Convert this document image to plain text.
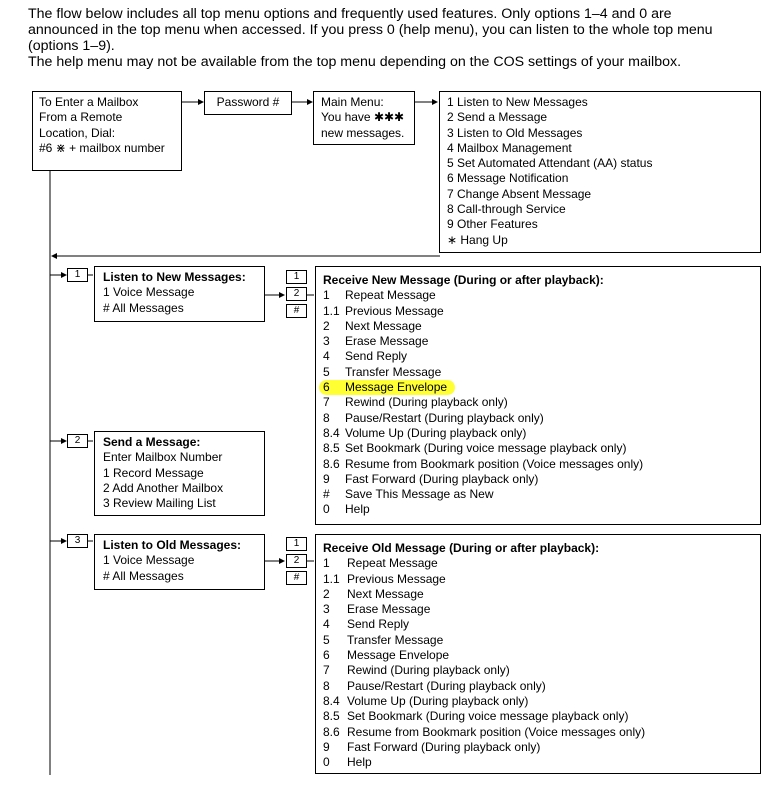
The flow below includes all top menu options and frequently used features. Only options 1–4 and 0 are

announced in the top menu when accessed. If you press 0 (help menu), you can listen to the whole top menu

(options 1–9).

The help menu may not be available from the top menu depending on the COS settings of your mailbox.

To Enter a Mailbox
From a Remote
Location, Dial:
#6 ⋇ + mailbox number
Password #	Main Menu:
You have ✱✱✱
new messages.
1 Listen to New Messages
2 Send a Message
3 Listen to Old Messages
4 Mailbox Management
5 Set Automated Attendant (AA) status
6 Message Notification
7 Change Absent Message
8 Call-through Service
9 Other Features
∗ Hang Up
1
2
3
Listen to New Messages:
1 Voice Message
# All Messages
1
2
#
Receive New Message (During or after playback):
1 Repeat Message
1.1 Previous Message
2 Next Message
3 Erase Message
4 Send Reply
5 Transfer Message
6 Message Envelope
7 Rewind (During playback only)
8 Pause/Restart (During playback only)
8.4 Volume Up (During playback only)
8.5 Set Bookmark (During voice message playback only)
8.6 Resume from Bookmark position (Voice messages only)
9 Fast Forward (During playback only)
# Save This Message as New
0 Help
Send a Message:
Enter Mailbox Number
1 Record Message
2 Add Another Mailbox
3 Review Mailing List
Listen to Old Messages:
1 Voice Message
# All Messages
1
2
#
Receive Old Message (During or after playback):
1 Repeat Message
1.1 Previous Message
2 Next Message
3 Erase Message
4 Send Reply
5 Transfer Message
6 Message Envelope
7 Rewind (During playback only)
8 Pause/Restart (During playback only)
8.4 Volume Up (During playback only)
8.5 Set Bookmark (During voice message playback only)
8.6 Resume from Bookmark position (Voice messages only)
9 Fast Forward (During playback only)
0 Help
